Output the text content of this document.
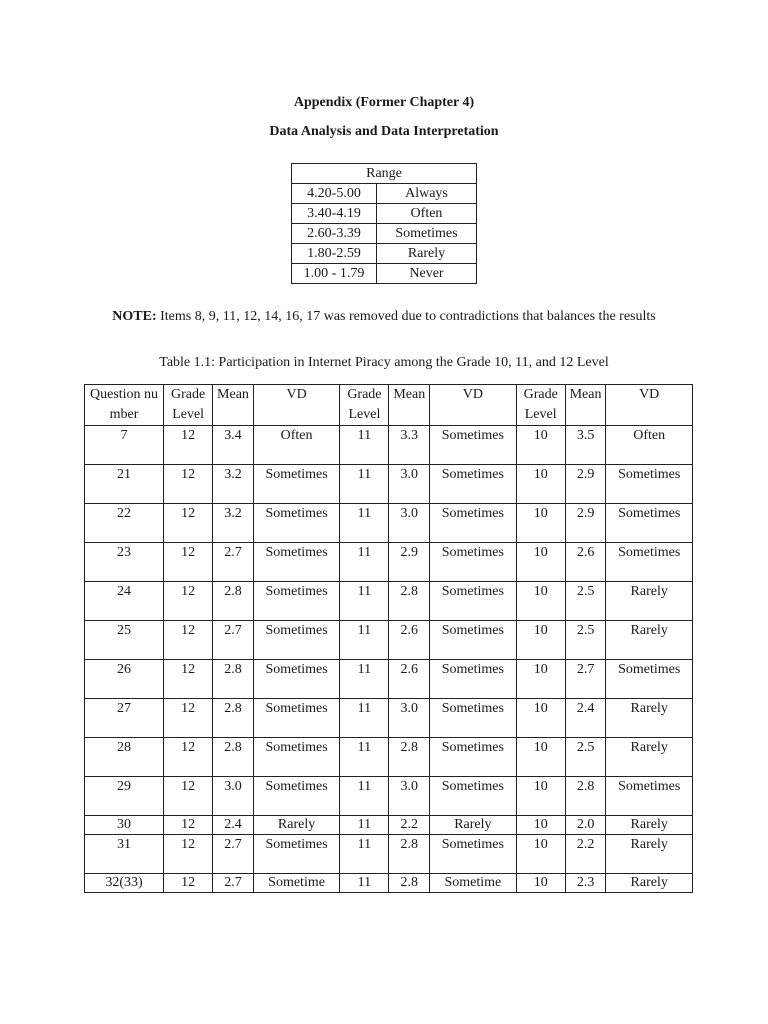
Appendix (Former Chapter 4)
Data Analysis and Data Interpretation
Range	
4.20-5.00	Always
3.40-4.19	Often
2.60-3.39	Sometimes
1.80-2.59	Rarely
1.00 - 1.79	Never
NOTE: Items 8, 9, 11, 12, 14, 16, 17 was removed due to contradictions that balances the results
Table 1.1: Participation in Internet Piracy among the Grade 10, 11, and 12 Level
Question number	Grade Level	Mean	VD	Grade Level	Mean	VD	Grade Level	Mean	VD
7	12	3.4	Often	11	3.3	Sometimes	10	3.5	Often
21	12	3.2	Sometimes	11	3.0	Sometimes	10	2.9	Sometimes
22	12	3.2	Sometimes	11	3.0	Sometimes	10	2.9	Sometimes
23	12	2.7	Sometimes	11	2.9	Sometimes	10	2.6	Sometimes
24	12	2.8	Sometimes	11	2.8	Sometimes	10	2.5	Rarely
25	12	2.7	Sometimes	11	2.6	Sometimes	10	2.5	Rarely
26	12	2.8	Sometimes	11	2.6	Sometimes	10	2.7	Sometimes
27	12	2.8	Sometimes	11	3.0	Sometimes	10	2.4	Rarely
28	12	2.8	Sometimes	11	2.8	Sometimes	10	2.5	Rarely
29	12	3.0	Sometimes	11	3.0	Sometimes	10	2.8	Sometimes
30	12	2.4	Rarely	11	2.2	Rarely	10	2.0	Rarely
31	12	2.7	Sometimes	11	2.8	Sometimes	10	2.2	Rarely
32(33)	12	2.7	Sometime	11	2.8	Sometime	10	2.3	Rarely
